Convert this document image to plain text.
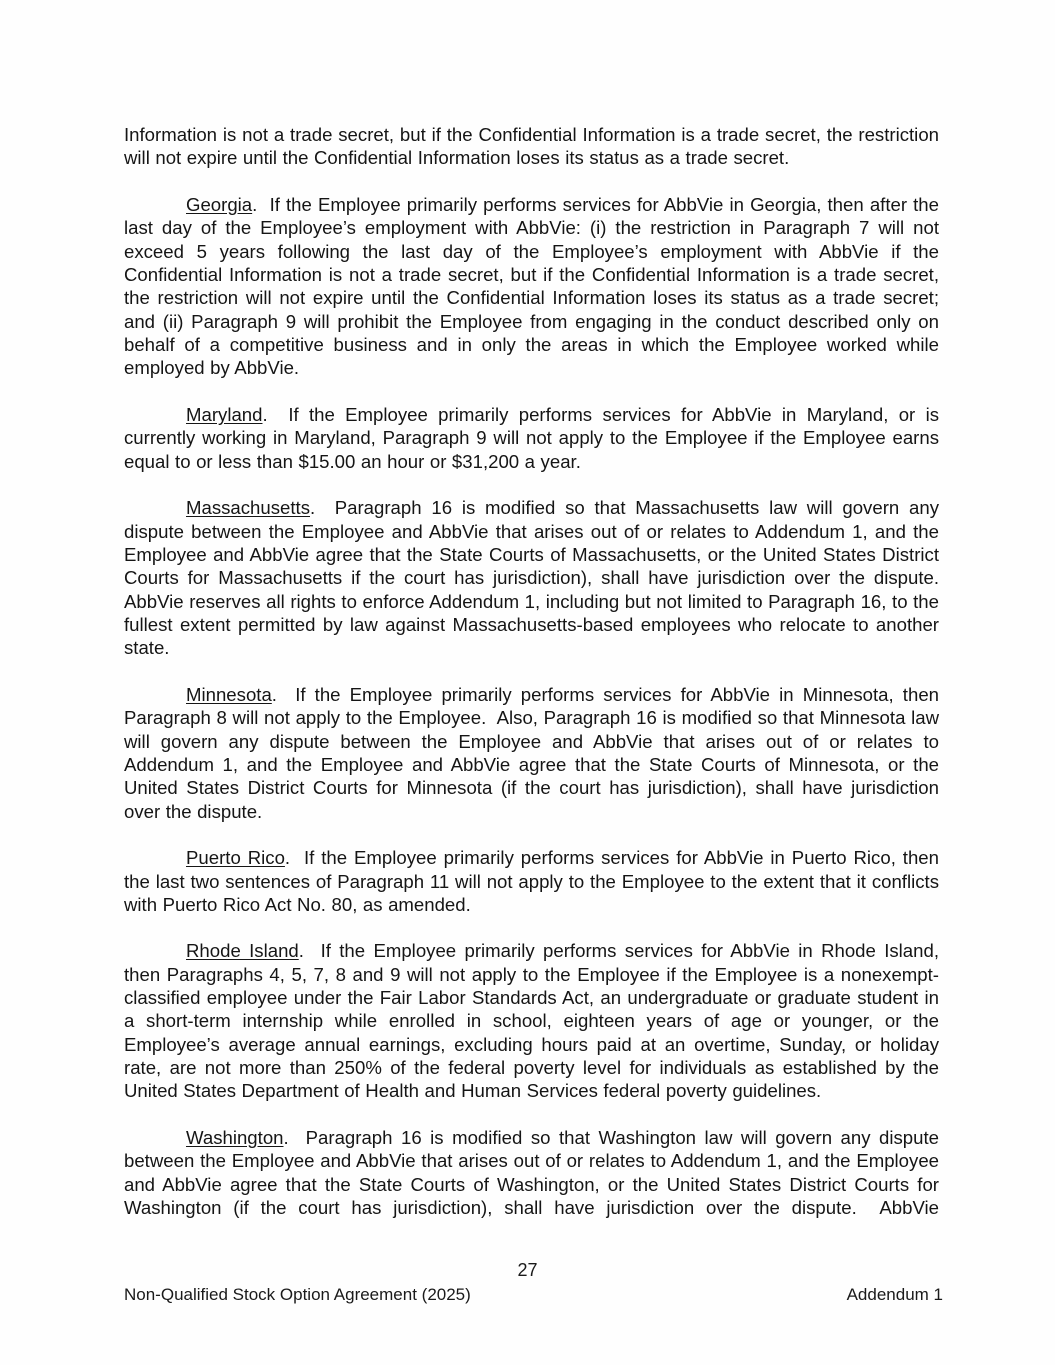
Information is not a trade secret, but if the Confidential Information is a trade secret, the restriction will not expire until the Confidential Information loses its status as a trade secret.

Georgia.  If the Employee primarily performs services for AbbVie in Georgia, then after the last day of the Employee’s employment with AbbVie: (i) the restriction in Paragraph 7 will not exceed 5 years following the last day of the Employee’s employment with AbbVie if the Confidential Information is not a trade secret, but if the Confidential Information is a trade secret, the restriction will not expire until the Confidential Information loses its status as a trade secret; and (ii) Paragraph 9 will prohibit the Employee from engaging in the conduct described only on behalf of a competitive business and in only the areas in which the Employee worked while employed by AbbVie.

Maryland.  If the Employee primarily performs services for AbbVie in Maryland, or is currently working in Maryland, Paragraph 9 will not apply to the Employee if the Employee earns equal to or less than $15.00 an hour or $31,200 a year.

Massachusetts.  Paragraph 16 is modified so that Massachusetts law will govern any dispute between the Employee and AbbVie that arises out of or relates to Addendum 1, and the Employee and AbbVie agree that the State Courts of Massachusetts, or the United States District Courts for Massachusetts if the court has jurisdiction), shall have jurisdiction over the dispute. AbbVie reserves all rights to enforce Addendum 1, including but not limited to Paragraph 16, to the fullest extent permitted by law against Massachusetts-based employees who relocate to another state.

Minnesota.  If the Employee primarily performs services for AbbVie in Minnesota, then Paragraph 8 will not apply to the Employee.  Also, Paragraph 16 is modified so that Minnesota law will govern any dispute between the Employee and AbbVie that arises out of or relates to Addendum 1, and the Employee and AbbVie agree that the State Courts of Minnesota, or the United States District Courts for Minnesota (if the court has jurisdiction), shall have jurisdiction over the dispute.

Puerto Rico.  If the Employee primarily performs services for AbbVie in Puerto Rico, then the last two sentences of Paragraph 11 will not apply to the Employee to the extent that it conflicts with Puerto Rico Act No. 80, as amended.

Rhode Island.  If the Employee primarily performs services for AbbVie in Rhode Island, then Paragraphs 4, 5, 7, 8 and 9 will not apply to the Employee if the Employee is a nonexempt-classified employee under the Fair Labor Standards Act, an undergraduate or graduate student in a short-term internship while enrolled in school, eighteen years of age or younger, or the Employee’s average annual earnings, excluding hours paid at an overtime, Sunday, or holiday rate, are not more than 250% of the federal poverty level for individuals as established by the United States Department of Health and Human Services federal poverty guidelines.

Washington.  Paragraph 16 is modified so that Washington law will govern any dispute between the Employee and AbbVie that arises out of or relates to Addendum 1, and the Employee and AbbVie agree that the State Courts of Washington, or the United States District Courts for Washington (if the court has jurisdiction), shall have jurisdiction over the dispute.  AbbVie

27
Non-Qualified Stock Option Agreement (2025)	Addendum 1
